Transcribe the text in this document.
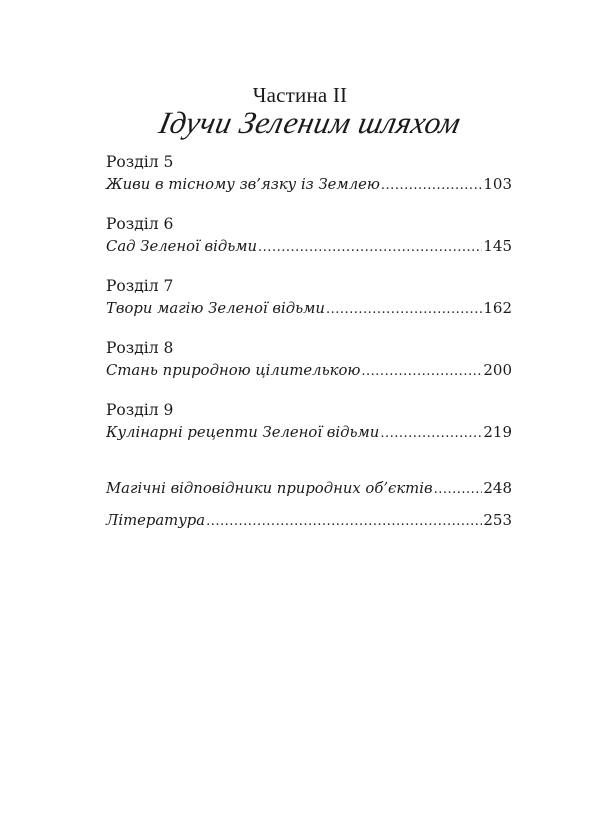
Частина II
Ідучи Зеленим шляхом
Розділ 5
Живи в тісному зв’язку із Землею .....	103
Розділ 6
Сад Зеленої відьми .....	145
Розділ 7
Твори магію Зеленої відьми .....	162
Розділ 8
Стань природною цілителькою .....	200
Розділ 9
Кулінарні рецепти Зеленої відьми .....	219
Магічні відповідники природних об’єктів .....	248
Література .....	253
